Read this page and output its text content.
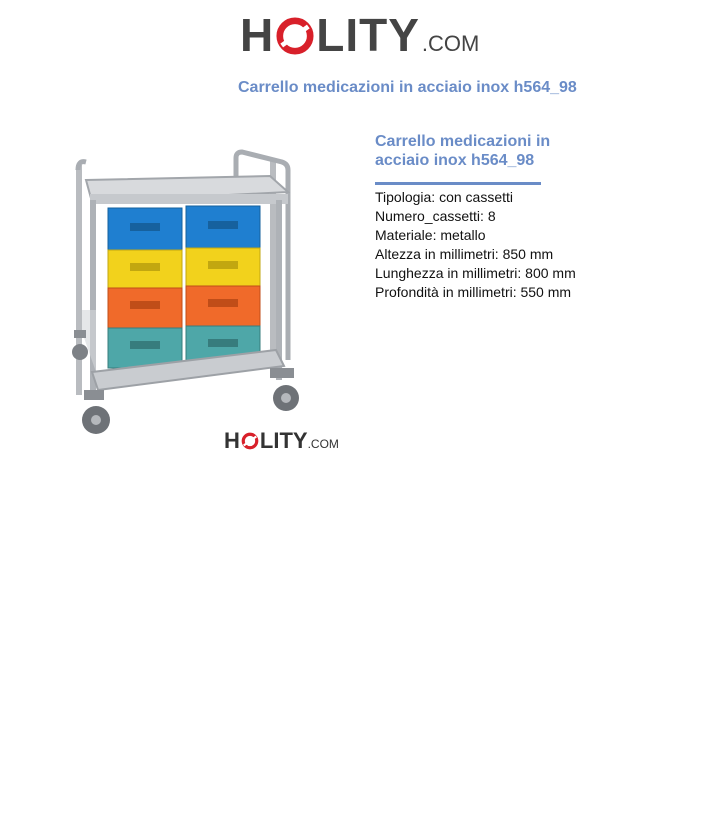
H LITY .COM
Carrello medicazioni in acciaio inox h564_98
H LITY .COM
Carrello medicazioni in acciaio inox h564_98
Tipologia: con cassetti
Numero_cassetti: 8
Materiale: metallo
Altezza in millimetri: 850 mm
Lunghezza in millimetri: 800 mm
Profondità in millimetri: 550 mm
